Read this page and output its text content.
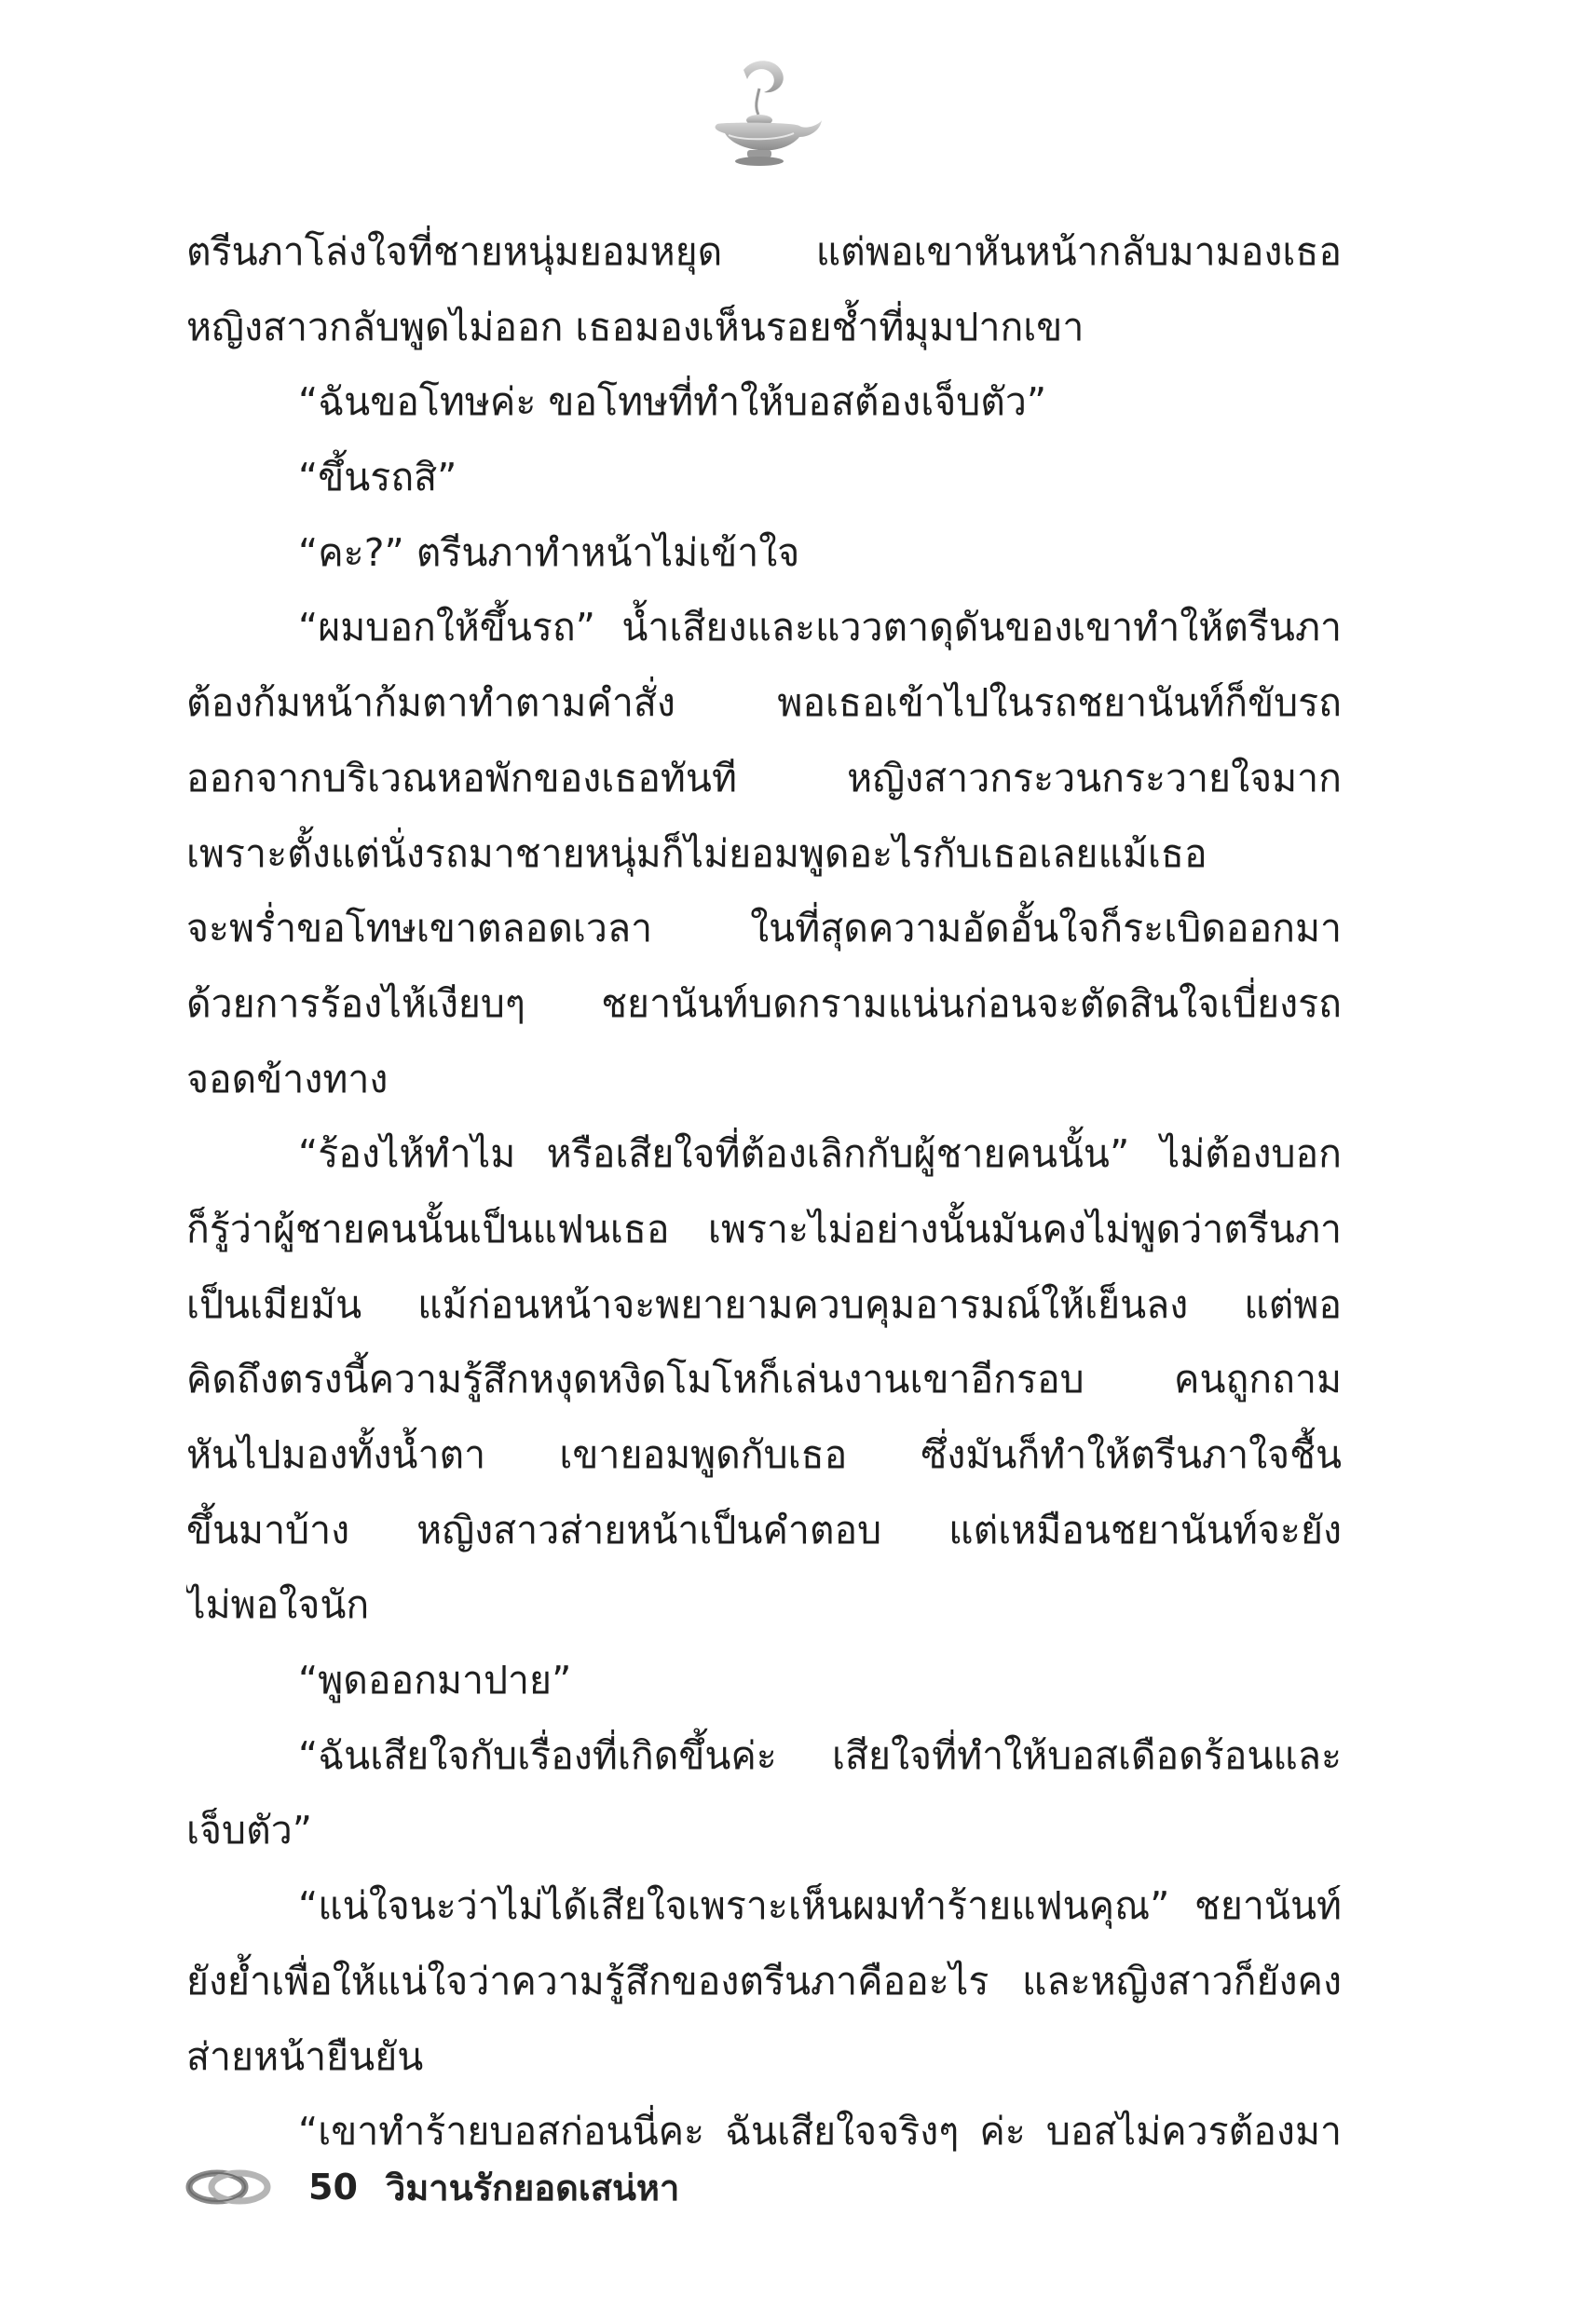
ตรีนภาโล่งใจที่ชายหนุ่มยอมหยุด แต่พอเขาหันหน้ากลับมามองเธอ
หญิงสาวกลับพูดไม่ออก เธอมองเห็นรอยช้ำที่มุมปากเขา
“ฉันขอโทษค่ะ ขอโทษที่ทำให้บอสต้องเจ็บตัว”
“ขึ้นรถสิ”
“คะ?” ตรีนภาทำหน้าไม่เข้าใจ
“ผมบอกให้ขึ้นรถ” น้ำเสียงและแววตาดุดันของเขาทำให้ตรีนภา
ต้องก้มหน้าก้มตาทำตามคำสั่ง พอเธอเข้าไปในรถชยานันท์ก็ขับรถ
ออกจากบริเวณหอพักของเธอทันที หญิงสาวกระวนกระวายใจมาก
เพราะตั้งแต่นั่งรถมาชายหนุ่มก็ไม่ยอมพูดอะไรกับเธอเลยแม้เธอ
จะพร่ำขอโทษเขาตลอดเวลา ในที่สุดความอัดอั้นใจก็ระเบิดออกมา
ด้วยการร้องไห้เงียบๆ ชยานันท์บดกรามแน่นก่อนจะตัดสินใจเบี่ยงรถ
จอดข้างทาง
“ร้องไห้ทำไม หรือเสียใจที่ต้องเลิกกับผู้ชายคนนั้น” ไม่ต้องบอก
ก็รู้ว่าผู้ชายคนนั้นเป็นแฟนเธอ เพราะไม่อย่างนั้นมันคงไม่พูดว่าตรีนภา
เป็นเมียมัน แม้ก่อนหน้าจะพยายามควบคุมอารมณ์ให้เย็นลง แต่พอ
คิดถึงตรงนี้ความรู้สึกหงุดหงิดโมโหก็เล่นงานเขาอีกรอบ คนถูกถาม
หันไปมองทั้งน้ำตา เขายอมพูดกับเธอ ซึ่งมันก็ทำให้ตรีนภาใจชื้น
ขึ้นมาบ้าง หญิงสาวส่ายหน้าเป็นคำตอบ แต่เหมือนชยานันท์จะยัง
ไม่พอใจนัก
“พูดออกมาปาย”
“ฉันเสียใจกับเรื่องที่เกิดขึ้นค่ะ เสียใจที่ทำให้บอสเดือดร้อนและ
เจ็บตัว”
“แน่ใจนะว่าไม่ได้เสียใจเพราะเห็นผมทำร้ายแฟนคุณ” ชยานันท์
ยังย้ำเพื่อให้แน่ใจว่าความรู้สึกของตรีนภาคืออะไร และหญิงสาวก็ยังคง
ส่ายหน้ายืนยัน
“เขาทำร้ายบอสก่อนนี่คะ ฉันเสียใจจริงๆ ค่ะ บอสไม่ควรต้องมา
50 วิมานรักยอดเสน่หา
